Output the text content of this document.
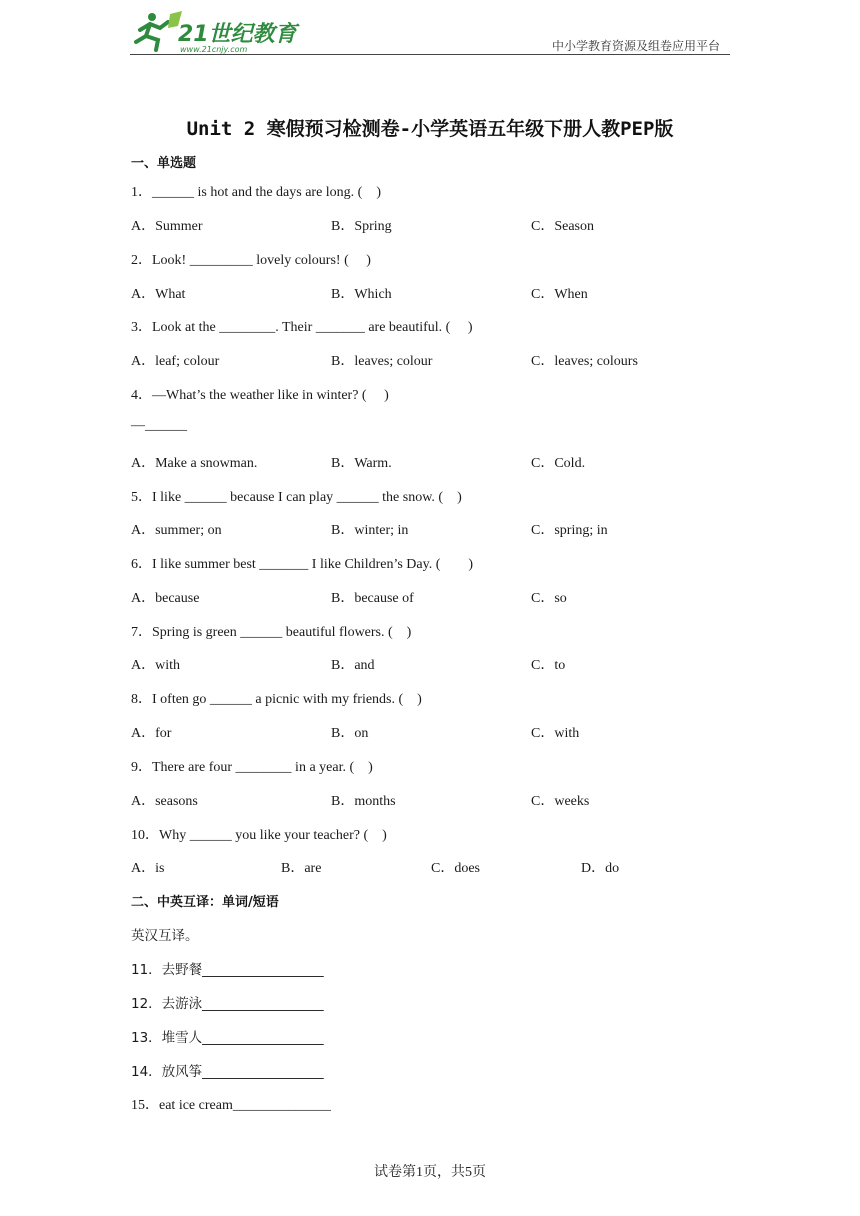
21世纪教育
www.21cnjy.com	中小学教育资源及组卷应用平台
Unit 2 寒假预习检测卷-小学英语五年级下册人教PEP版
一、单选题
1．______ is hot and the days are long. (    )
A．Summer	B．Spring	C．Season
2．Look! _________ lovely colours! (     )
A．What	B．Which	C．When
3．Look at the ________. Their _______ are beautiful. (     )
A．leaf; colour	B．leaves; colour	C．leaves; colours
4．—What’s the weather like in winter? (     )
—______
A．Make a snowman.	B．Warm.	C．Cold.
5．I like ______ because I can play ______ the snow. (    )
A．summer; on	B．winter; in	C．spring; in
6．I like summer best _______ I like Children’s Day. (        )
A．because	B．because of	C．so
7．Spring is green ______ beautiful flowers. (    )
A．with	B．and	C．to
8．I often go ______ a picnic with my friends. (    )
A．for	B．on	C．with
9．There are four ________ in a year. (    )
A．seasons	B．months	C．weeks
10．Why ______ you like your teacher? (    )
A．is	B．are	C．does	D．do
二、中英互译：单词/短语
英汉互译。
11．去野餐__________________
12．去游泳__________________
13．堆雪人__________________
14．放风筝__________________
15．eat ice cream______________
试卷第1页，共5页
